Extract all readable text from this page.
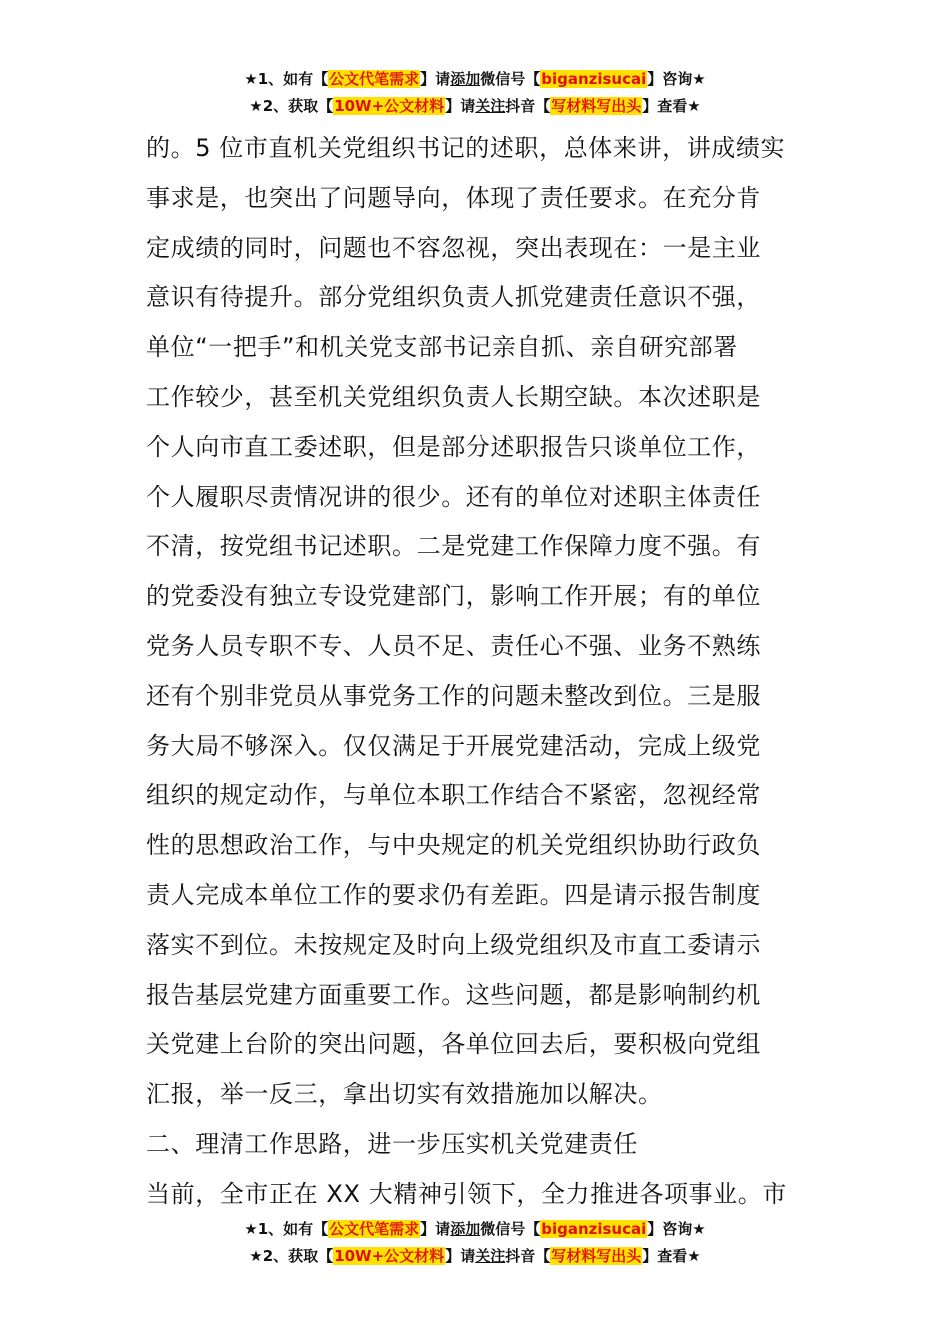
★1、如有【公文代笔需求】请添加微信号【biganzisucai】咨询★
★2、获取【10W+公文材料】请关注抖音【写材料写出头】查看★
的。5 位市直机关党组织书记的述职，总体来讲，讲成绩实
事求是，也突出了问题导向，体现了责任要求。在充分肯
定成绩的同时，问题也不容忽视，突出表现在：一是主业
意识有待提升。部分党组织负责人抓党建责任意识不强，
单位“一把手”和机关党支部书记亲自抓、亲自研究部署
工作较少，甚至机关党组织负责人长期空缺。本次述职是
个人向市直工委述职，但是部分述职报告只谈单位工作，
个人履职尽责情况讲的很少。还有的单位对述职主体责任
不清，按党组书记述职。二是党建工作保障力度不强。有
的党委没有独立专设党建部门，影响工作开展；有的单位
党务人员专职不专、人员不足、责任心不强、业务不熟练
还有个别非党员从事党务工作的问题未整改到位。三是服
务大局不够深入。仅仅满足于开展党建活动，完成上级党
组织的规定动作，与单位本职工作结合不紧密，忽视经常
性的思想政治工作，与中央规定的机关党组织协助行政负
责人完成本单位工作的要求仍有差距。四是请示报告制度
落实不到位。未按规定及时向上级党组织及市直工委请示
报告基层党建方面重要工作。这些问题，都是影响制约机
关党建上台阶的突出问题，各单位回去后，要积极向党组
汇报，举一反三，拿出切实有效措施加以解决。
二、理清工作思路，进一步压实机关党建责任
当前，全市正在 XX 大精神引领下，全力推进各项事业。市
★1、如有【公文代笔需求】请添加微信号【biganzisucai】咨询★
★2、获取【10W+公文材料】请关注抖音【写材料写出头】查看★
